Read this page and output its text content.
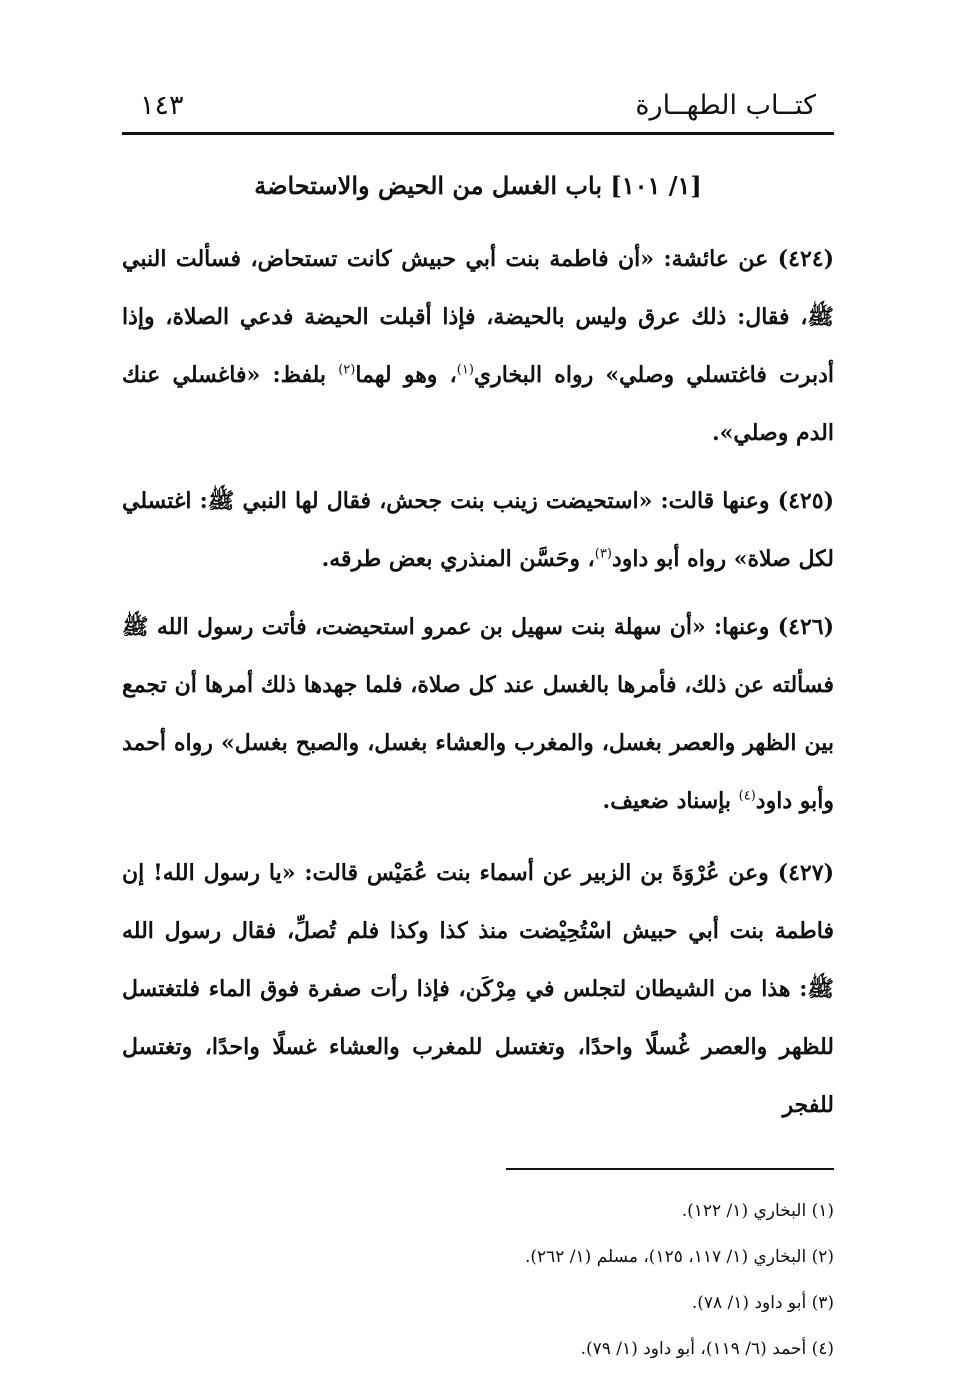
كتــاب الطهــارة
١٤٣
[١/ ١٠١] باب الغسل من الحيض والاستحاضة

(٤٢٤) عن عائشة: «أن فاطمة بنت أبي حبيش كانت تستحاض، فسألت النبي ﷺ، فقال: ذلك عرق وليس بالحيضة، فإذا أقبلت الحيضة فدعي الصلاة، وإذا أدبرت فاغتسلي وصلي» رواه البخاري$^{(١)}$، وهو لهما$^{(٢)}$ بلفظ: «فاغسلي عنك الدم وصلي».

(٤٢٥) وعنها قالت: «استحيضت زينب بنت جحش، فقال لها النبي ﷺ: اغتسلي لكل صلاة» رواه أبو داود$^{(٣)}$، وحَسَّن المنذري بعض طرقه.

(٤٢٦) وعنها: «أن سهلة بنت سهيل بن عمرو استحيضت، فأتت رسول الله ﷺ فسألته عن ذلك، فأمرها بالغسل عند كل صلاة، فلما جهدها ذلك أمرها أن تجمع بين الظهر والعصر بغسل، والمغرب والعشاء بغسل، والصبح بغسل» رواه أحمد وأبو داود$^{(٤)}$ بإسناد ضعيف.

(٤٢٧) وعن عُرْوَةَ بن الزبير عن أسماء بنت عُمَيْس قالت: «يا رسول الله! إن فاطمة بنت أبي حبيش اسْتُحِيْضت منذ كذا وكذا فلم تُصلِّ، فقال رسول الله ﷺ: هذا من الشيطان لتجلس في مِرْكَن، فإذا رأت صفرة فوق الماء فلتغتسل للظهر والعصر غُسلًا واحدًا، وتغتسل للمغرب والعشاء غسلًا واحدًا، وتغتسل للفجر

(١) البخاري (١/ ١٢٢).
(٢) البخاري (١/ ١١٧، ١٢٥)، مسلم (١/ ٢٦٢).
(٣) أبو داود (١/ ٧٨).
(٤) أحمد (٦/ ١١٩)، أبو داود (١/ ٧٩).
